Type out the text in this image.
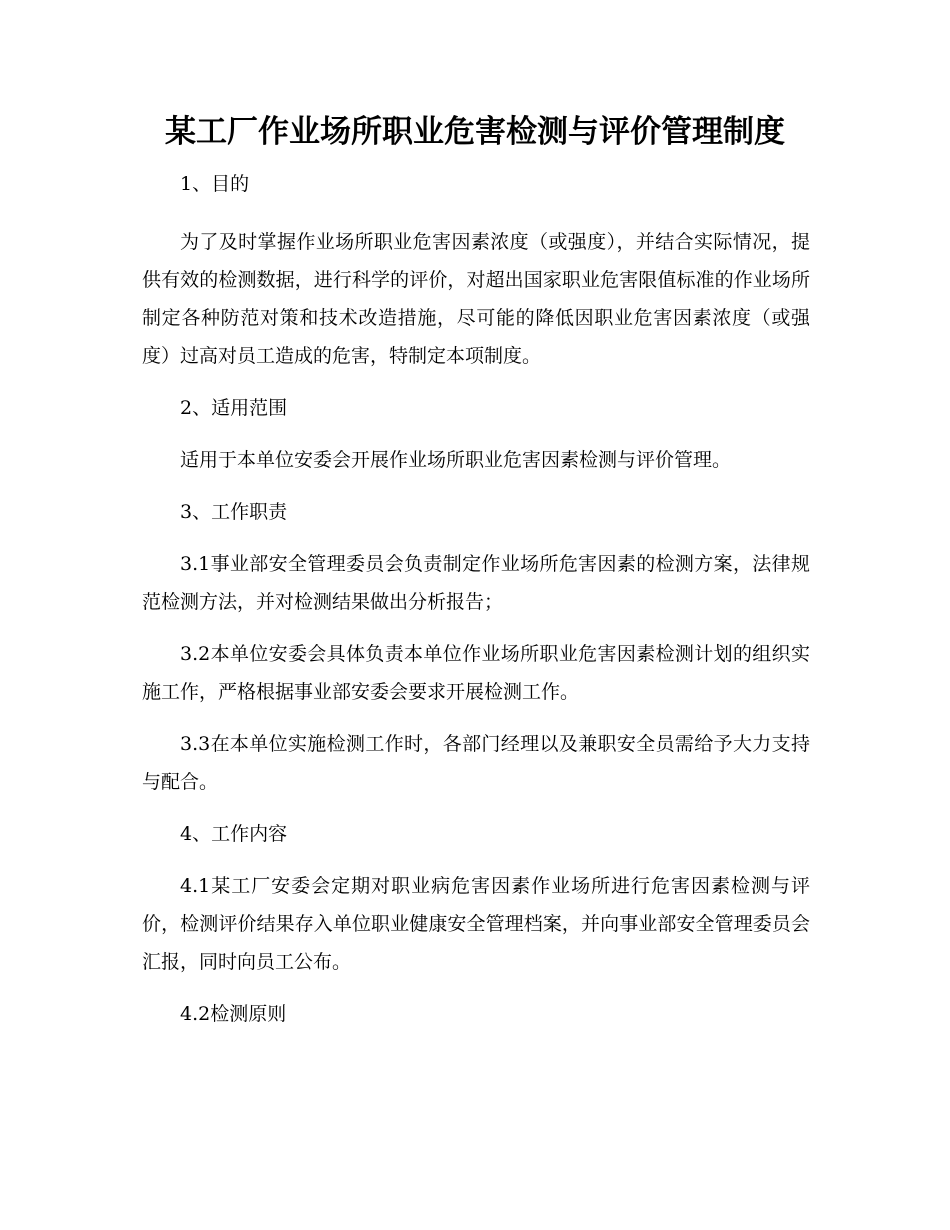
某工厂作业场所职业危害检测与评价管理制度

1、目的

为了及时掌握作业场所职业危害因素浓度（或强度），并结合实际情况，提供有效的检测数据，进行科学的评价，对超出国家职业危害限值标准的作业场所制定各种防范对策和技术改造措施，尽可能的降低因职业危害因素浓度（或强度）过高对员工造成的危害，特制定本项制度。

2、适用范围

适用于本单位安委会开展作业场所职业危害因素检测与评价管理。

3、工作职责

3.1事业部安全管理委员会负责制定作业场所危害因素的检测方案，法律规范检测方法，并对检测结果做出分析报告；

3.2本单位安委会具体负责本单位作业场所职业危害因素检测计划的组织实施工作，严格根据事业部安委会要求开展检测工作。

3.3在本单位实施检测工作时，各部门经理以及兼职安全员需给予大力支持与配合。

4、工作内容

4.1某工厂安委会定期对职业病危害因素作业场所进行危害因素检测与评价，检测评价结果存入单位职业健康安全管理档案，并向事业部安全管理委员会汇报，同时向员工公布。

4.2检测原则
